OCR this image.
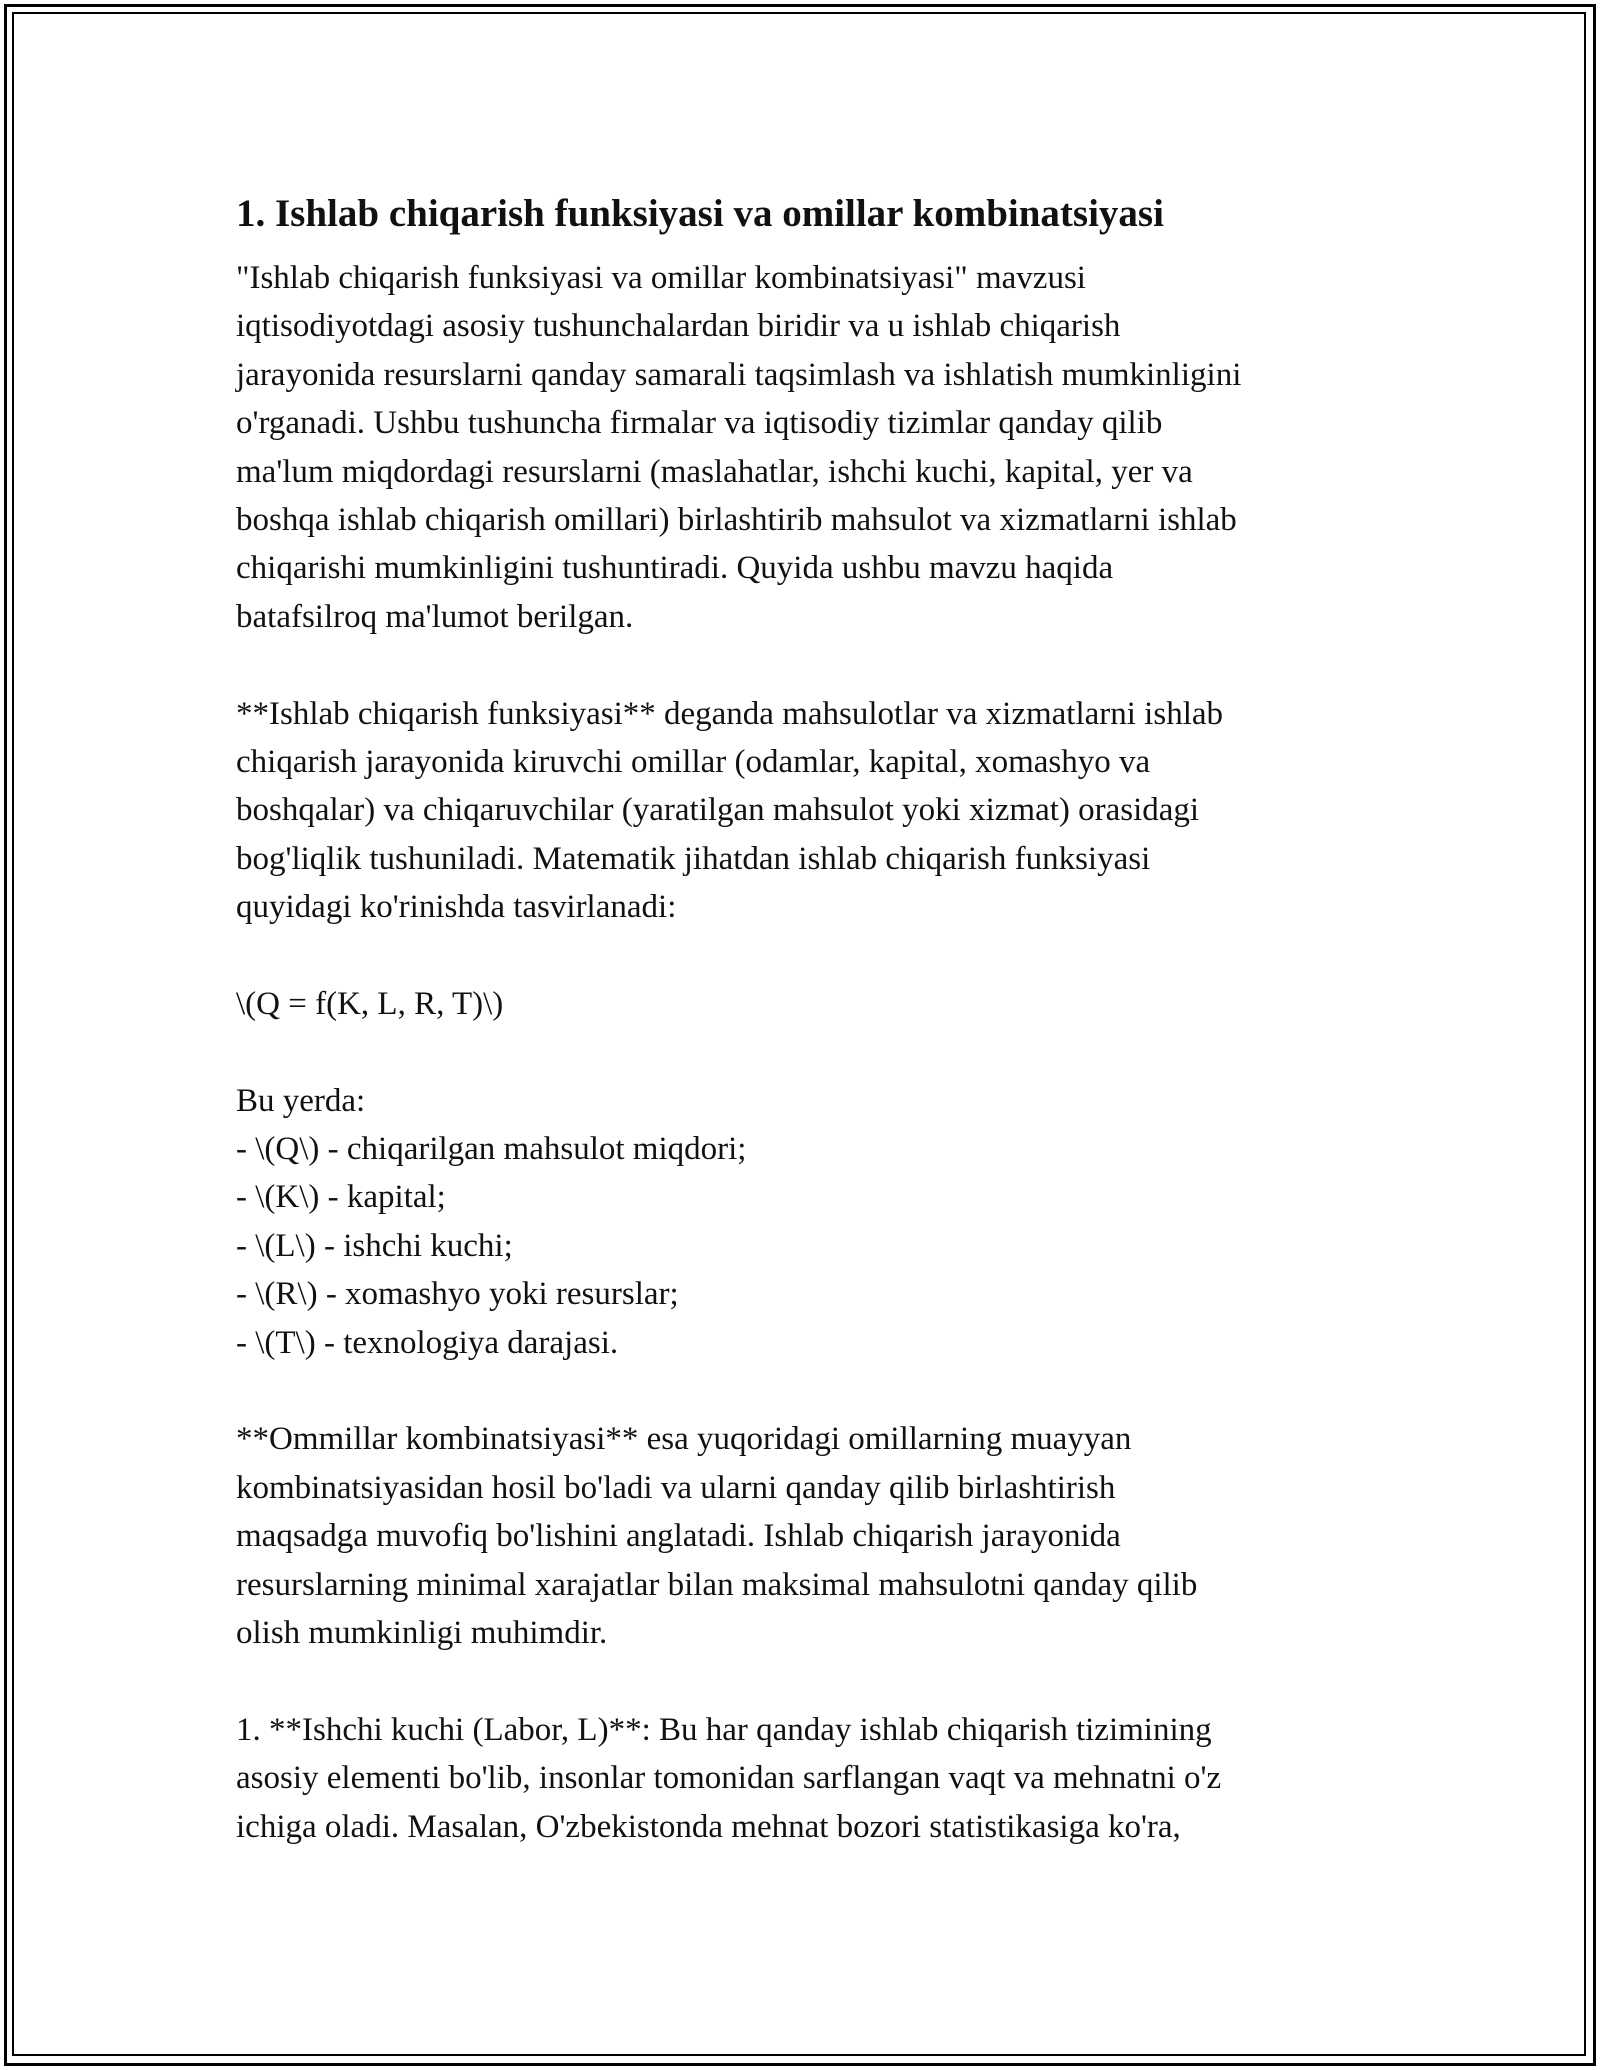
1. Ishlab chiqarish funksiyasi va omillar kombinatsiyasi
"Ishlab chiqarish funksiyasi va omillar kombinatsiyasi" mavzusi
iqtisodiyotdagi asosiy tushunchalardan biridir va u ishlab chiqarish
jarayonida resurslarni qanday samarali taqsimlash va ishlatish mumkinligini
o'rganadi. Ushbu tushuncha firmalar va iqtisodiy tizimlar qanday qilib
ma'lum miqdordagi resurslarni (maslahatlar, ishchi kuchi, kapital, yer va
boshqa ishlab chiqarish omillari) birlashtirib mahsulot va xizmatlarni ishlab
chiqarishi mumkinligini tushuntiradi. Quyida ushbu mavzu haqida
batafsilroq ma'lumot berilgan.
**Ishlab chiqarish funksiyasi** deganda mahsulotlar va xizmatlarni ishlab
chiqarish jarayonida kiruvchi omillar (odamlar, kapital, xomashyo va
boshqalar) va chiqaruvchilar (yaratilgan mahsulot yoki xizmat) orasidagi
bog'liqlik tushuniladi. Matematik jihatdan ishlab chiqarish funksiyasi
quyidagi ko'rinishda tasvirlanadi:
\(Q = f(K, L, R, T)\)
Bu yerda:
- \(Q\) - chiqarilgan mahsulot miqdori;
- \(K\) - kapital;
- \(L\) - ishchi kuchi;
- \(R\) - xomashyo yoki resurslar;
- \(T\) - texnologiya darajasi.
**Ommillar kombinatsiyasi** esa yuqoridagi omillarning muayyan
kombinatsiyasidan hosil bo'ladi va ularni qanday qilib birlashtirish
maqsadga muvofiq bo'lishini anglatadi. Ishlab chiqarish jarayonida
resurslarning minimal xarajatlar bilan maksimal mahsulotni qanday qilib
olish mumkinligi muhimdir.
1. **Ishchi kuchi (Labor, L)**: Bu har qanday ishlab chiqarish tizimining
asosiy elementi bo'lib, insonlar tomonidan sarflangan vaqt va mehnatni o'z
ichiga oladi. Masalan, O'zbekistonda mehnat bozori statistikasiga ko'ra,
